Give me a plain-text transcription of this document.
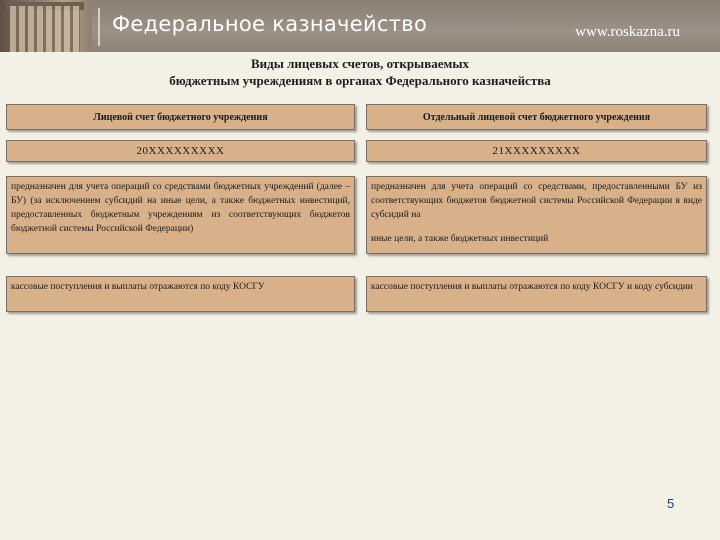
Федеральное казначейство	www.roskazna.ru
Виды лицевых счетов, открываемых
бюджетным учреждениям в органах Федерального казначейства
Лицевой счет бюджетного учреждения
20ХХХХХХХХХ
предназначен для учета операций со средствами бюджетных учреждений (далее – БУ) (за исключением субсидий на иные цели, а также бюджетных инвестиций, предоставленных бюджетным учреждениям из соответствующих бюджетов бюджетной системы Российской Федерации)
кассовые поступления и выплаты отражаются по коду КОСГУ
Отдельный лицевой счет бюджетного учреждения
21ХХХХХХХХХ
предназначен для учета операций со средствами, предоставленными БУ из соответствующих бюджетов бюджетной системы Российской Федерации в виде субсидий на
иные цели, а также бюджетных инвестиций
кассовые поступления и выплаты отражаются по коду КОСГУ и коду субсидии
5
